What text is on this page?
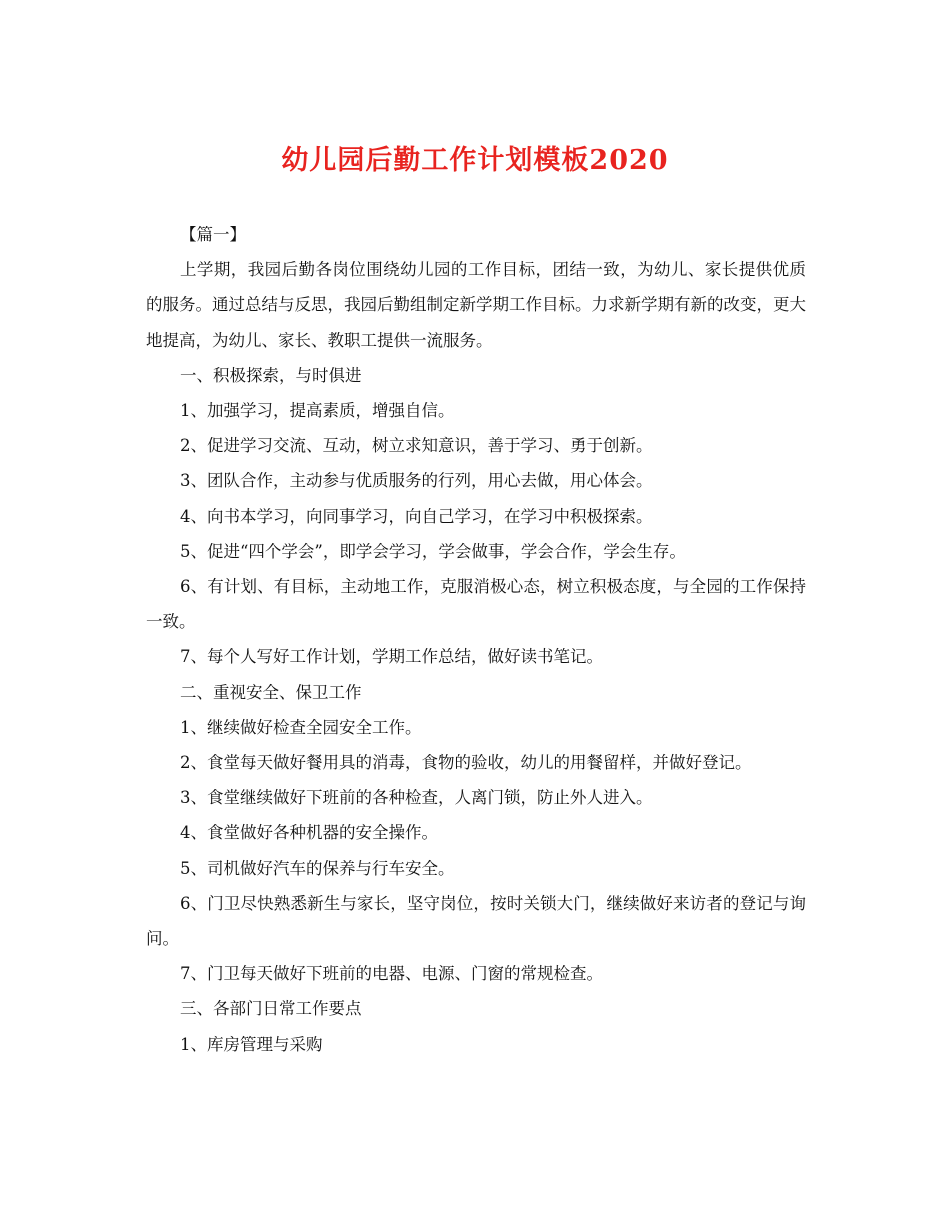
幼儿园后勤工作计划模板2020

【篇一】

上学期，我园后勤各岗位围绕幼儿园的工作目标，团结一致，为幼儿、家长提供优质的服务。通过总结与反思，我园后勤组制定新学期工作目标。力求新学期有新的改变，更大地提高，为幼儿、家长、教职工提供一流服务。

一、积极探索，与时俱进

1、加强学习，提高素质，增强自信。

2、促进学习交流、互动，树立求知意识，善于学习、勇于创新。

3、团队合作，主动参与优质服务的行列，用心去做，用心体会。

4、向书本学习，向同事学习，向自己学习，在学习中积极探索。

5、促进“四个学会”，即学会学习，学会做事，学会合作，学会生存。

6、有计划、有目标，主动地工作，克服消极心态，树立积极态度，与全园的工作保持一致。

7、每个人写好工作计划，学期工作总结，做好读书笔记。

二、重视安全、保卫工作

1、继续做好检查全园安全工作。

2、食堂每天做好餐用具的消毒，食物的验收，幼儿的用餐留样，并做好登记。

3、食堂继续做好下班前的各种检查，人离门锁，防止外人进入。

4、食堂做好各种机器的安全操作。

5、司机做好汽车的保养与行车安全。

6、门卫尽快熟悉新生与家长，坚守岗位，按时关锁大门，继续做好来访者的登记与询问。

7、门卫每天做好下班前的电器、电源、门窗的常规检查。

三、各部门日常工作要点

1、库房管理与采购
